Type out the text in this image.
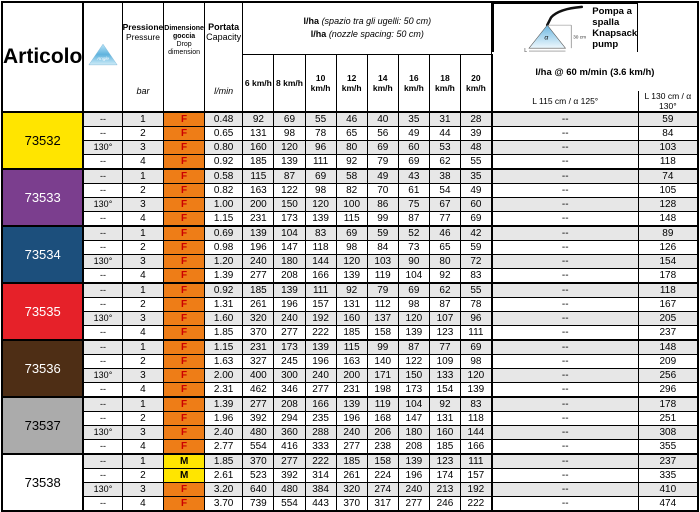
Articolo	Angle

Pressione
Pressure
bar

Dimensione
goccia
Drop
dimension

Portata
Capacity
l/min

l/ha (spazio tra gli ugelli: 50 cm)
l/ha (nozzle spacing: 50 cm)
		α	30 cm
L
Pompa a spalla
Knapsack pump

					6 km/h	8 km/h	10 km/h	12 km/h	14 km/h	16 km/h	18 km/h	20 km/h	l/ha @ 60 m/min (3.6 km/h)	
													L 115 cm / α 125°	L 130 cm / α 130°
73532	--	1	F	0.48	92	69	55	46	40	35	31	28	--	59
	--	2	F	0.65	131	98	78	65	56	49	44	39	--	84
	130°	3	F	0.80	160	120	96	80	69	60	53	48	--	103
	--	4	F	0.92	185	139	111	92	79	69	62	55	--	118
73533	--	1	F	0.58	115	87	69	58	49	43	38	35	--	74
	--	2	F	0.82	163	122	98	82	70	61	54	49	--	105
	130°	3	F	1.00	200	150	120	100	86	75	67	60	--	128
	--	4	F	1.15	231	173	139	115	99	87	77	69	--	148
73534	--	1	F	0.69	139	104	83	69	59	52	46	42	--	89
	--	2	F	0.98	196	147	118	98	84	73	65	59	--	126
	130°	3	F	1.20	240	180	144	120	103	90	80	72	--	154
	--	4	F	1.39	277	208	166	139	119	104	92	83	--	178
73535	--	1	F	0.92	185	139	111	92	79	69	62	55	--	118
	--	2	F	1.31	261	196	157	131	112	98	87	78	--	167
	130°	3	F	1.60	320	240	192	160	137	120	107	96	--	205
	--	4	F	1.85	370	277	222	185	158	139	123	111	--	237
73536	--	1	F	1.15	231	173	139	115	99	87	77	69	--	148
	--	2	F	1.63	327	245	196	163	140	122	109	98	--	209
	130°	3	F	2.00	400	300	240	200	171	150	133	120	--	256
	--	4	F	2.31	462	346	277	231	198	173	154	139	--	296
73537	--	1	F	1.39	277	208	166	139	119	104	92	83	--	178
	--	2	F	1.96	392	294	235	196	168	147	131	118	--	251
	130°	3	F	2.40	480	360	288	240	206	180	160	144	--	308
	--	4	F	2.77	554	416	333	277	238	208	185	166	--	355
73538	--	1	M	1.85	370	277	222	185	158	139	123	111	--	237
	--	2	M	2.61	523	392	314	261	224	196	174	157	--	335
	130°	3	F	3.20	640	480	384	320	274	240	213	192	--	410
	--	4	F	3.70	739	554	443	370	317	277	246	222	--	474
